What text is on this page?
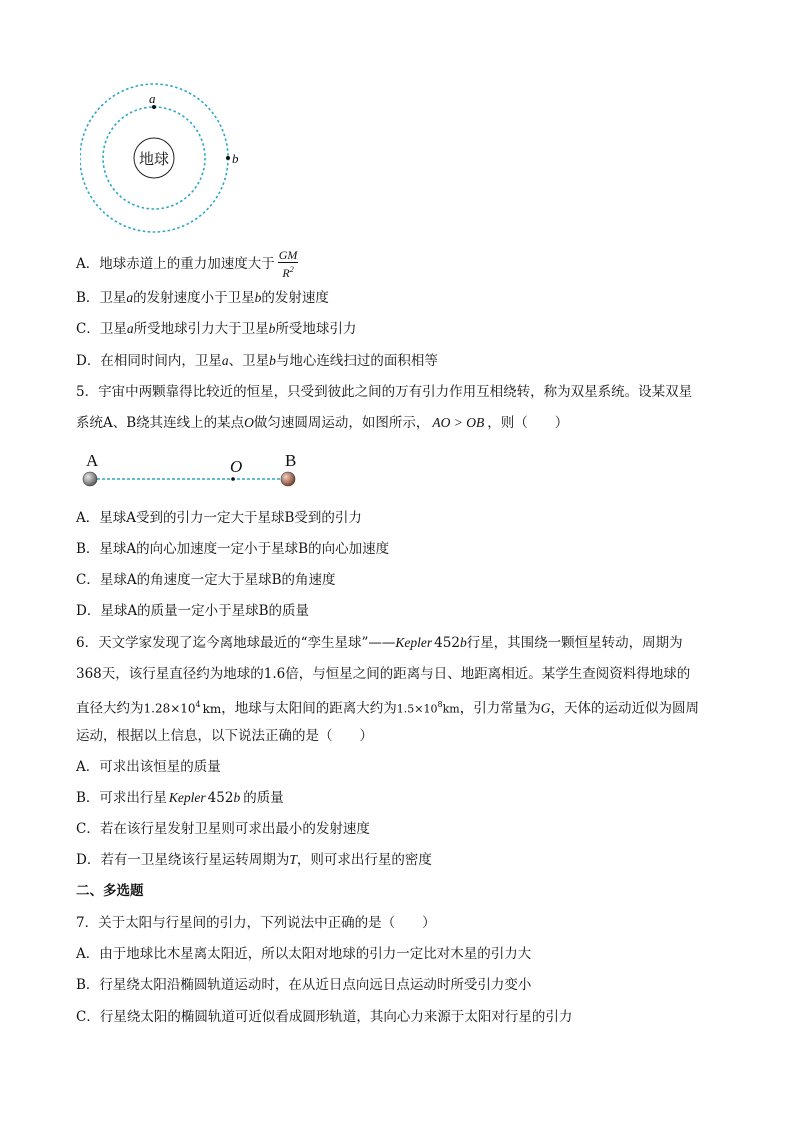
地球
a
b
A．地球赤道上的重力加速度大于 $\frac{GM}{R^2}$
B．卫星a的发射速度小于卫星b的发射速度
C．卫星a所受地球引力大于卫星b所受地球引力
D．在相同时间内，卫星a、卫星b与地心连线扫过的面积相等
5．宇宙中两颗靠得比较近的恒星，只受到彼此之间的万有引力作用互相绕转，称为双星系统。设某双星
系统A、B绕其连线上的某点O做匀速圆周运动，如图所示， AO > OB ，则（　　）
A	O	B
A．星球A受到的引力一定大于星球B受到的引力
B．星球A的向心加速度一定小于星球B的向心加速度
C．星球A的角速度一定大于星球B的角速度
D．星球A的质量一定小于星球B的质量
6．天文学家发现了迄今离地球最近的“孪生星球”——Kepler 452b行星，其围绕一颗恒星转动，周期为
368天，该行星直径约为地球的1.6倍，与恒星之间的距离与日、地距离相近。某学生查阅资料得地球的
直径大约为$1.28\times 10^4$ km，地球与太阳间的距离大约为$1.5\times 10^8km$，引力常量为G，天体的运动近似为圆周
运动，根据以上信息，以下说法正确的是（　　）
A．可求出该恒星的质量
B．可求出行星 Kepler 452b 的质量
C．若在该行星发射卫星则可求出最小的发射速度
D．若有一卫星绕该行星运转周期为T，则可求出行星的密度
二、多选题
7．关于太阳与行星间的引力，下列说法中正确的是（　　）
A．由于地球比木星离太阳近，所以太阳对地球的引力一定比对木星的引力大
B．行星绕太阳沿椭圆轨道运动时，在从近日点向远日点运动时所受引力变小
C．行星绕太阳的椭圆轨道可近似看成圆形轨道，其向心力来源于太阳对行星的引力
